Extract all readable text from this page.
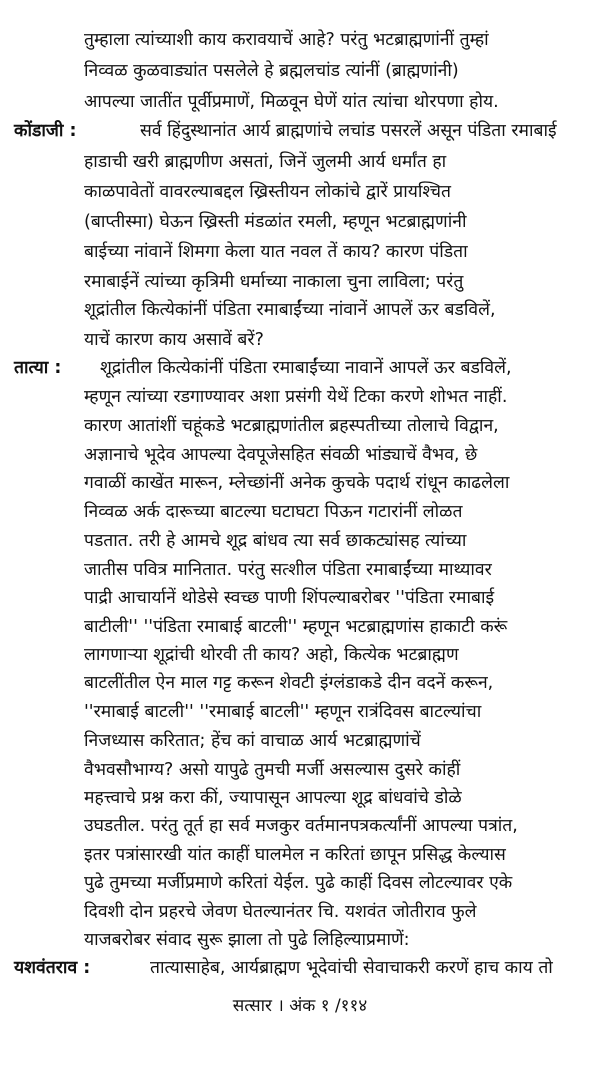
तुम्हाला त्यांच्याशी काय करावयाचें आहे? परंतु भटब्राह्मणांनीं तुम्हां
निव्वळ कुळवाड्यांत पसलेले हे ब्रह्मलचांड त्यांनीं (ब्राह्मणांनी)
आपल्या जातींत पूर्वीप्रमाणें, मिळवून घेणें यांत त्यांचा थोरपणा होय.
कोंडाजी :	सर्व हिंदुस्थानांत आर्य ब्राह्मणांचे लचांड पसरलें असून पंडिता रमाबाई
हाडाची खरी ब्राह्मणीण असतां, जिनें जुलमी आर्य धर्मांत हा
काळपावेतों वावरल्याबद्दल ख्रिस्तीयन लोकांचे द्वारें प्रायश्चित
(बाप्तीस्मा) घेऊन ख्रिस्ती मंडळांत रमली, म्हणून भटब्राह्मणांनी
बाईच्या नांवानें शिमगा केला यात नवल तें काय? कारण पंडिता
रमाबाईनें त्यांच्या कृत्रिमी धर्माच्या नाकाला चुना लाविला; परंतु
शूद्रांतील कित्येकांनीं पंडिता रमाबाईंच्या नांवानें आपलें ऊर बडविलें,
याचें कारण काय असावें बरें?
तात्या : शूद्रांतील कित्येकांनीं पंडिता रमाबाईंच्या नावानें आपलें ऊर बडविलें,
म्हणून त्यांच्या रडगाण्यावर अशा प्रसंगी येथें टिका करणे शोभत नाहीं.
कारण आतांशीं चहूंकडे भटब्राह्मणांतील ब्रहस्पतीच्या तोलाचे विद्वान,
अज्ञानाचे भूदेव आपल्या देवपूजेसहित संवळी भांड्याचें वैभव, छे
गवाळीं काखेंत मारून, म्लेच्छांनीं अनेक कुचके पदार्थ रांधून काढलेला
निव्वळ अर्क दारूच्या बाटल्या घटाघटा पिऊन गटारांनीं लोळत
पडतात. तरी हे आमचे शूद्र बांधव त्या सर्व छाकट्यांसह त्यांच्या
जातीस पवित्र मानितात. परंतु सत्शील पंडिता रमाबाईंच्या माथ्यावर
पाद्री आचार्यानें थोडेसे स्वच्छ पाणी शिंपल्याबरोबर ''पंडिता रमाबाई
बाटीली'' ''पंडिता रमाबाई बाटली'' म्हणून भटब्राह्मणांस हाकाटी करूं
लागणाऱ्या शूद्रांची थोरवी ती काय? अहो, कित्येक भटब्राह्मण
बाटलींतील ऐन माल गट्ट करून शेवटी इंग्लंडाकडे दीन वदनें करून,
''रमाबाई बाटली'' ''रमाबाई बाटली'' म्हणून रात्रंदिवस बाटल्यांचा
निजध्यास करितात; हेंच कां वाचाळ आर्य भटब्राह्मणांचें
वैभवसौभाग्य? असो यापुढे तुमची मर्जी असल्यास दुसरे कांहीं
महत्त्वाचे प्रश्न करा कीं, ज्यापासून आपल्या शूद्र बांधवांचे डोळे
उघडतील. परंतु तूर्त हा सर्व मजकुर वर्तमानपत्रकर्त्यांनीं आपल्या पत्रांत,
इतर पत्रांसारखी यांत काहीं घालमेल न करितां छापून प्रसिद्ध केल्यास
पुढे तुमच्या मर्जीप्रमाणे करितां येईल. पुढे काहीं दिवस लोटल्यावर एके
दिवशी दोन प्रहरचे जेवण घेतल्यानंतर चि. यशवंत जोतीराव फुले
याजबरोबर संवाद सुरू झाला तो पुढे लिहिल्याप्रमाणें:
यशवंतराव :	तात्यासाहेब, आर्यब्राह्मण भूदेवांची सेवाचाकरी करणें हाच काय तो
सत्सार । अंक १ /११४
